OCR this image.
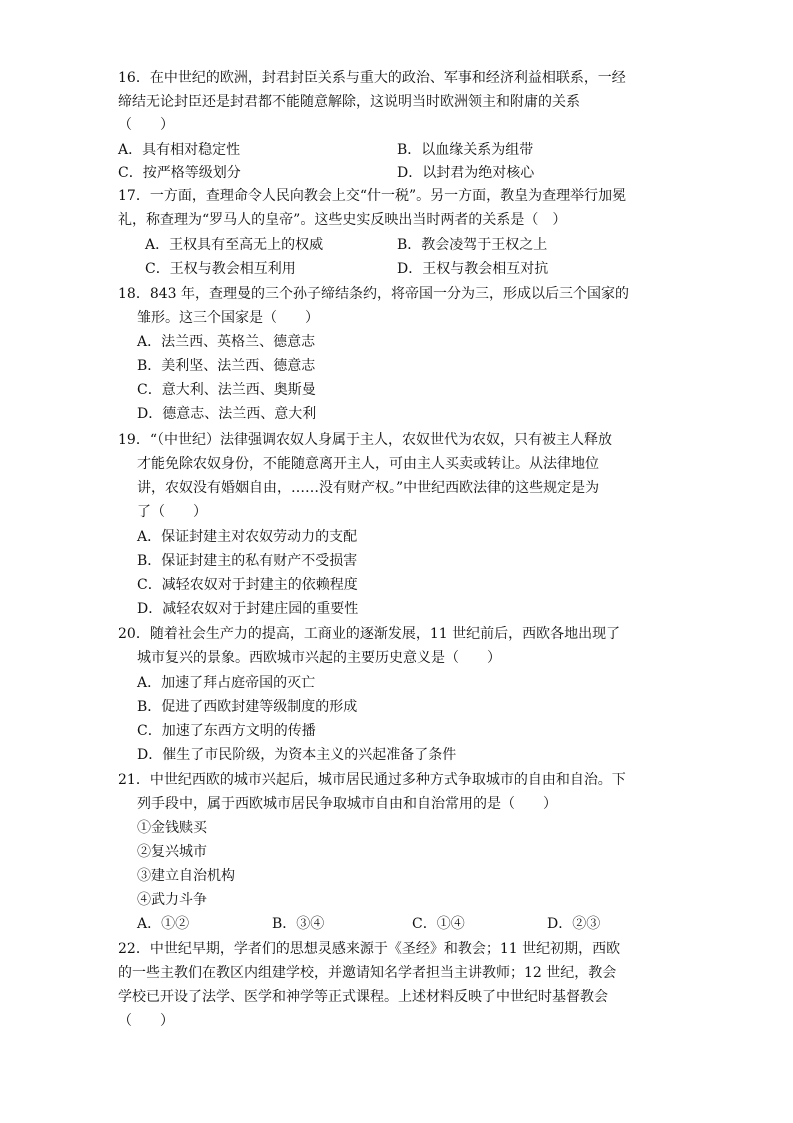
16．在中世纪的欧洲，封君封臣关系与重大的政治、军事和经济利益相联系，一经
缔结无论封臣还是封君都不能随意解除，这说明当时欧洲领主和附庸的关系
（　　）
A．具有相对稳定性	B．以血缘关系为组带
C．按严格等级划分	D．以封君为绝对核心
17．一方面，查理命令人民向教会上交“什一税”。另一方面，教皇为查理举行加冕
礼，称查理为“罗马人的皇帝”。这些史实反映出当时两者的关系是（　）
A．王权具有至高无上的权威	B．教会凌驾于王权之上
C．王权与教会相互利用	D．王权与教会相互对抗
18．843 年，查理曼的三个孙子缔结条约，将帝国一分为三，形成以后三个国家的
雏形。这三个国家是（　　）
A．法兰西、英格兰、德意志
B．美利坚、法兰西、德意志
C．意大利、法兰西、奥斯曼
D．德意志、法兰西、意大利
19．“（中世纪）法律强调农奴人身属于主人，农奴世代为农奴，只有被主人释放
才能免除农奴身份，不能随意离开主人，可由主人买卖或转让。从法律地位
讲，农奴没有婚姻自由，……没有财产权。”中世纪西欧法律的这些规定是为
了（　　）
A．保证封建主对农奴劳动力的支配
B．保证封建主的私有财产不受损害
C．减轻农奴对于封建主的依赖程度
D．减轻农奴对于封建庄园的重要性
20．随着社会生产力的提高，工商业的逐渐发展，11 世纪前后，西欧各地出现了
城市复兴的景象。西欧城市兴起的主要历史意义是（　　）
A．加速了拜占庭帝国的灭亡
B．促进了西欧封建等级制度的形成
C．加速了东西方文明的传播
D．催生了市民阶级，为资本主义的兴起准备了条件
21．中世纪西欧的城市兴起后，城市居民通过多种方式争取城市的自由和自治。下
列手段中，属于西欧城市居民争取城市自由和自治常用的是（　　）
①金钱赎买
②复兴城市
③建立自治机构
④武力斗争
A．①②	B．③④	C．①④	D．②③
22．中世纪早期，学者们的思想灵感来源于《圣经》和教会；11 世纪初期，西欧
的一些主教们在教区内组建学校，并邀请知名学者担当主讲教师；12 世纪，教会
学校已开设了法学、医学和神学等正式课程。上述材料反映了中世纪时基督教会
（　　）
